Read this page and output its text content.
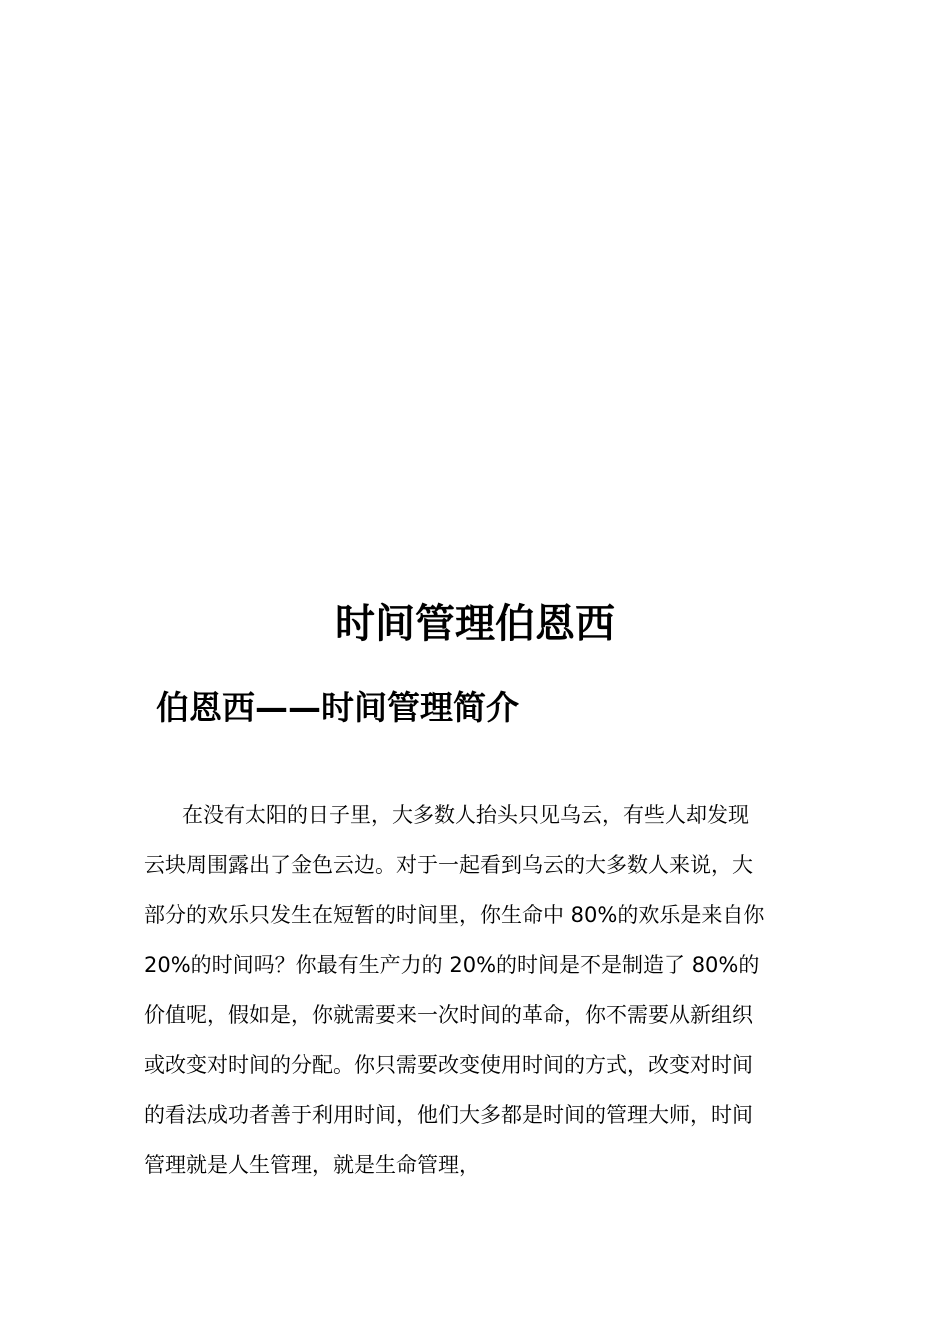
时间管理伯恩西
伯恩西——时间管理简介
在没有太阳的日子里，大多数人抬头只见乌云，有些人却发现
云块周围露出了金色云边。对于一起看到乌云的大多数人来说，大
部分的欢乐只发生在短暂的时间里，你生命中 80%的欢乐是来自你
20%的时间吗？你最有生产力的 20%的时间是不是制造了 80%的
价值呢，假如是，你就需要来一次时间的革命，你不需要从新组织
或改变对时间的分配。你只需要改变使用时间的方式，改变对时间
的看法成功者善于利用时间，他们大多都是时间的管理大师，时间
管理就是人生管理，就是生命管理，
